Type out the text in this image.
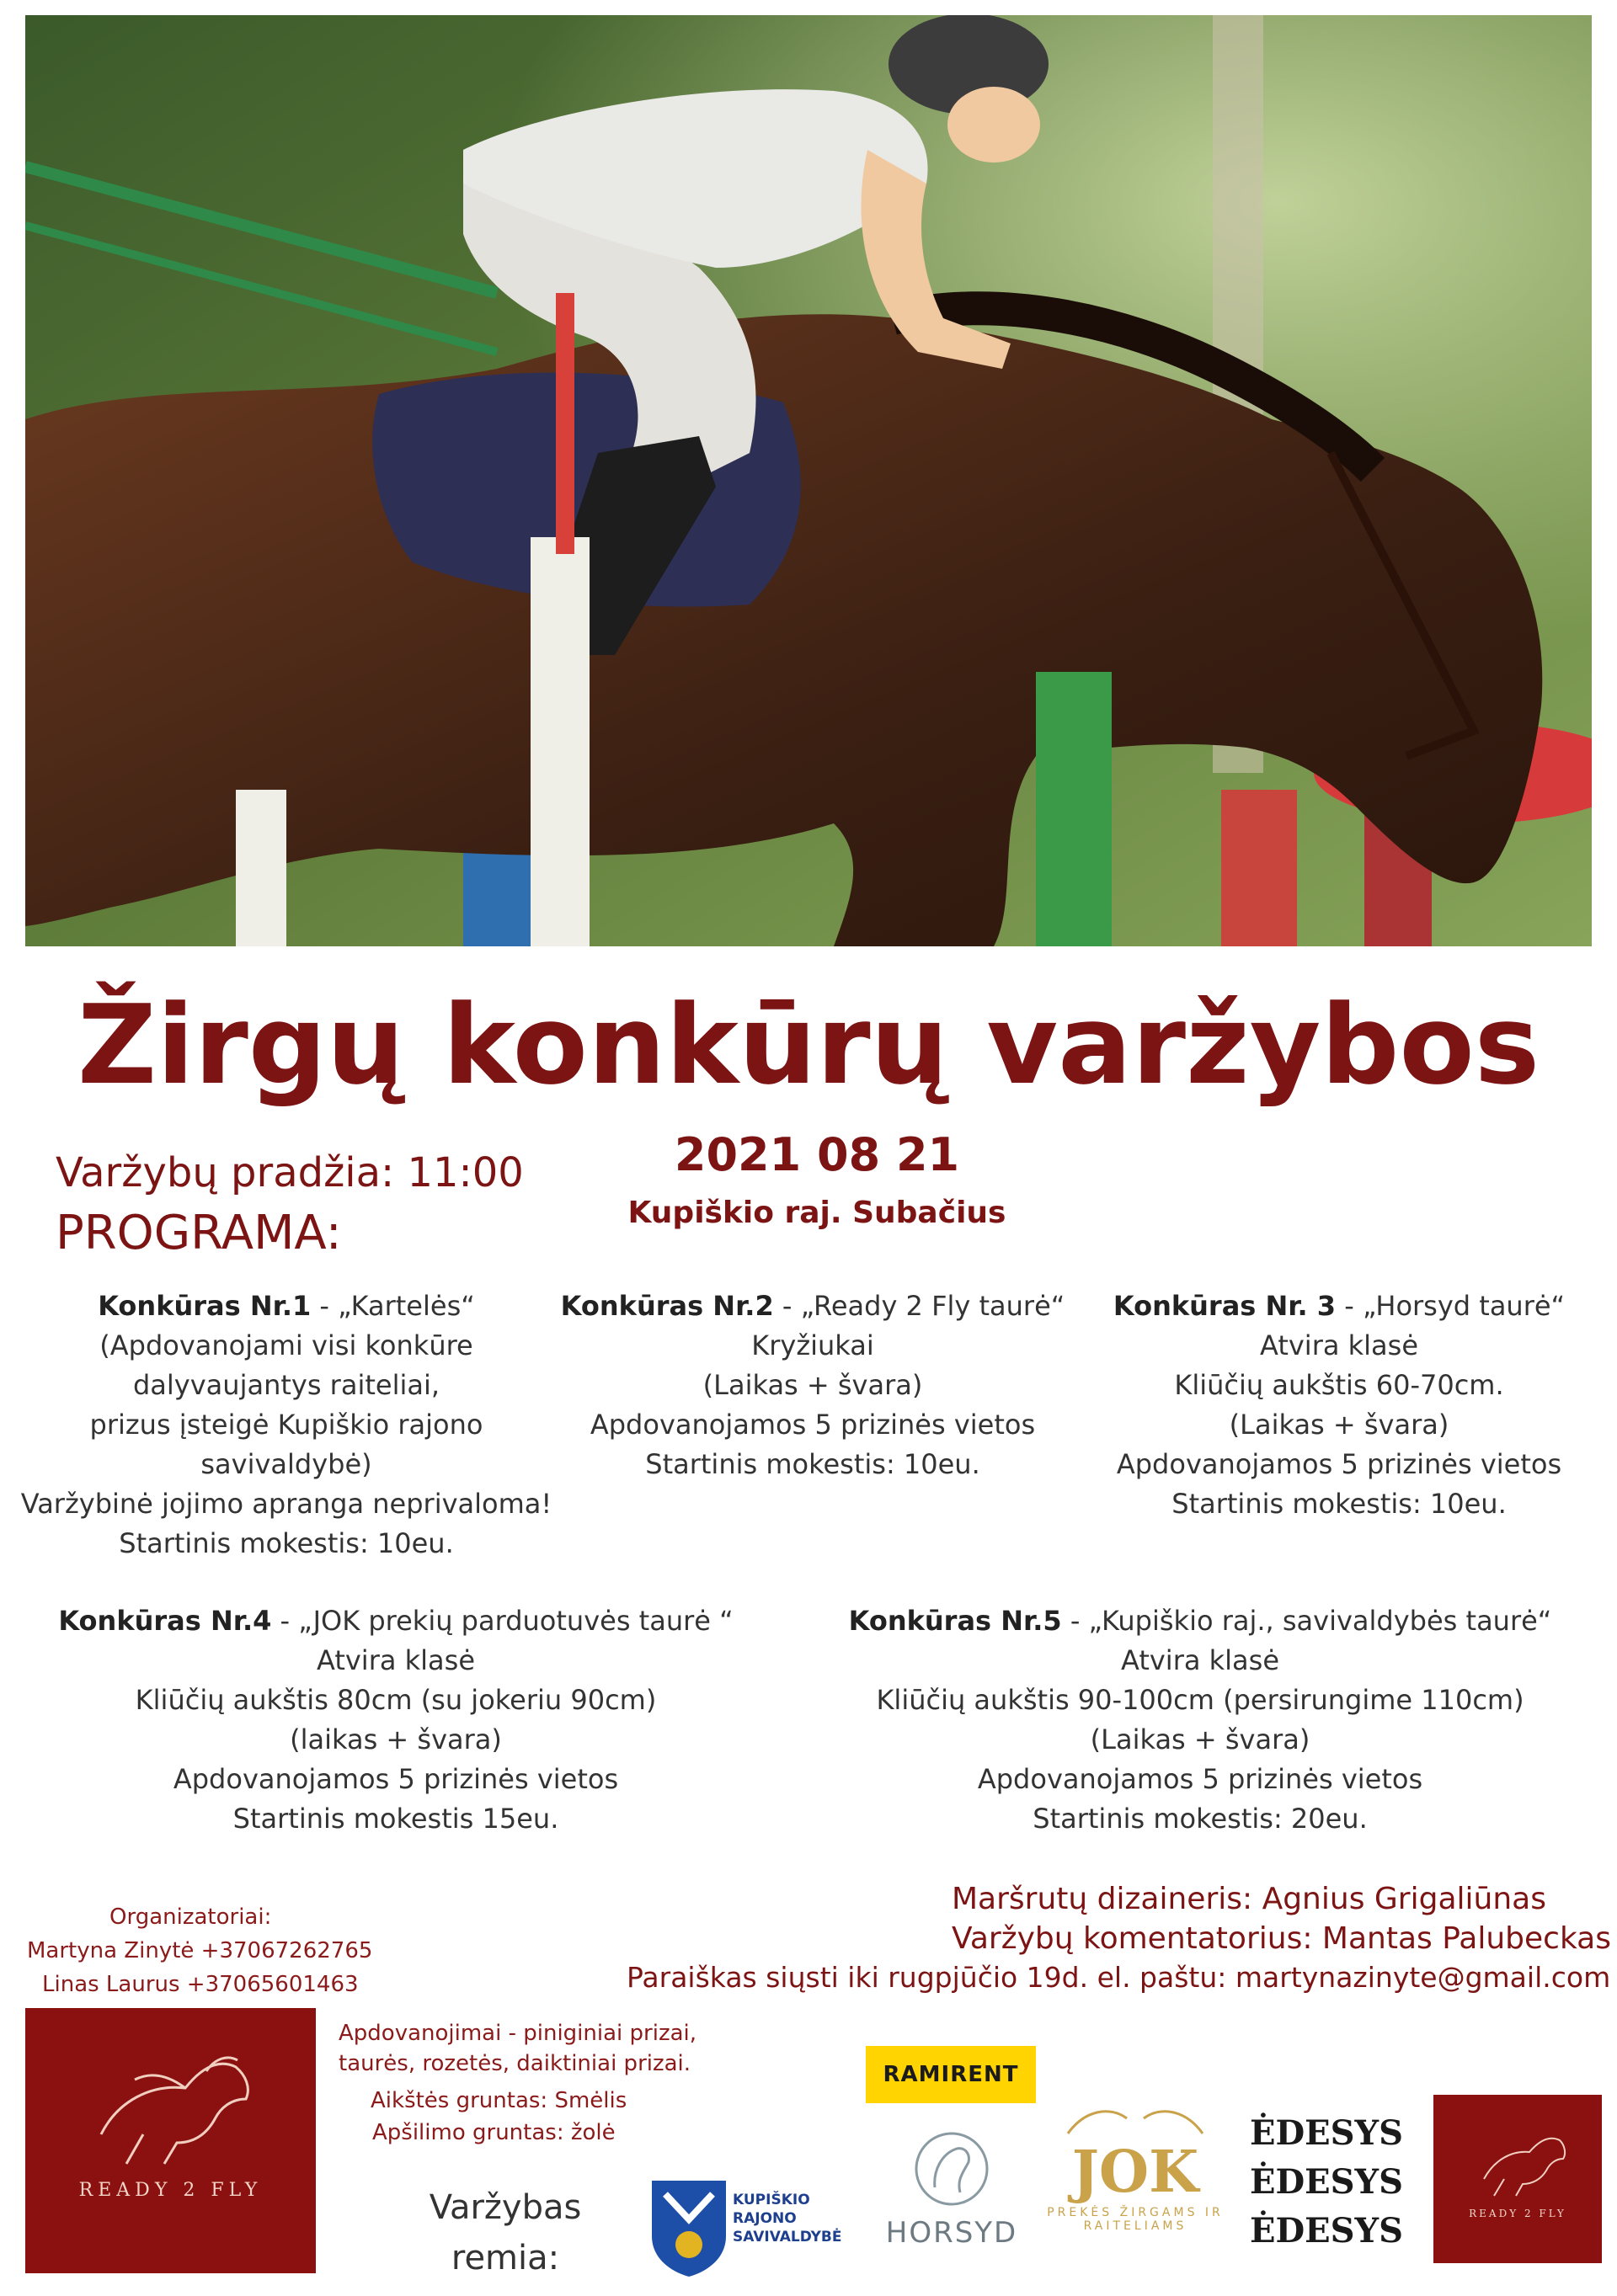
Žirgų konkūrų varžybos
2021 08 21
Kupiškio raj. Subačius
Varžybų pradžia: 11:00
PROGRAMA:
Konkūras Nr.1 - „Kartelės“
(Apdovanojami visi konkūre
dalyvaujantys raiteliai,
prizus įsteigė Kupiškio rajono
savivaldybė)
Varžybinė jojimo apranga neprivaloma!
Startinis mokestis: 10eu.
Konkūras Nr.2 - „Ready 2 Fly taurė“
Kryžiukai
(Laikas + švara)
Apdovanojamos 5 prizinės vietos
Startinis mokestis: 10eu.
Konkūras Nr. 3 - „Horsyd taurė“
Atvira klasė
Kliūčių aukštis 60-70cm.
(Laikas + švara)
Apdovanojamos 5 prizinės vietos
Startinis mokestis: 10eu.
Konkūras Nr.4 - „JOK prekių parduotuvės taurė “
Atvira klasė
Kliūčių aukštis 80cm (su jokeriu 90cm)
(laikas + švara)
Apdovanojamos 5 prizinės vietos
Startinis mokestis 15eu.
Konkūras Nr.5 - „Kupiškio raj., savivaldybės taurė“
Atvira klasė
Kliūčių aukštis 90-100cm (persirungime 110cm)
(Laikas + švara)
Apdovanojamos 5 prizinės vietos
Startinis mokestis: 20eu.
Organizatoriai:
Martyna Zinytė +37067262765
Linas Laurus +37065601463
Maršrutų dizaineris: Agnius Grigaliūnas
Varžybų komentatorius: Mantas Palubeckas
Paraiškas siųsti iki rugpjūčio 19d. el. paštu: martynazinyte@gmail.com
Apdovanojimai - piniginiai prizai, taurės, rozetės, daiktiniai prizai.
Aikštės gruntas: Smėlis
Apšilimo gruntas: žolė
Varžybas
remia:
READY 2 FLY
RAMIRENT
HORSYD
JOK
PREKĖS ŽIRGAMS IR RAITELIAMS
ĖDESYS
ĖDESYS
ĖDESYS
KUPIŠKIO
RAJONO
SAVIVALDYBĖ
READY 2 FLY
